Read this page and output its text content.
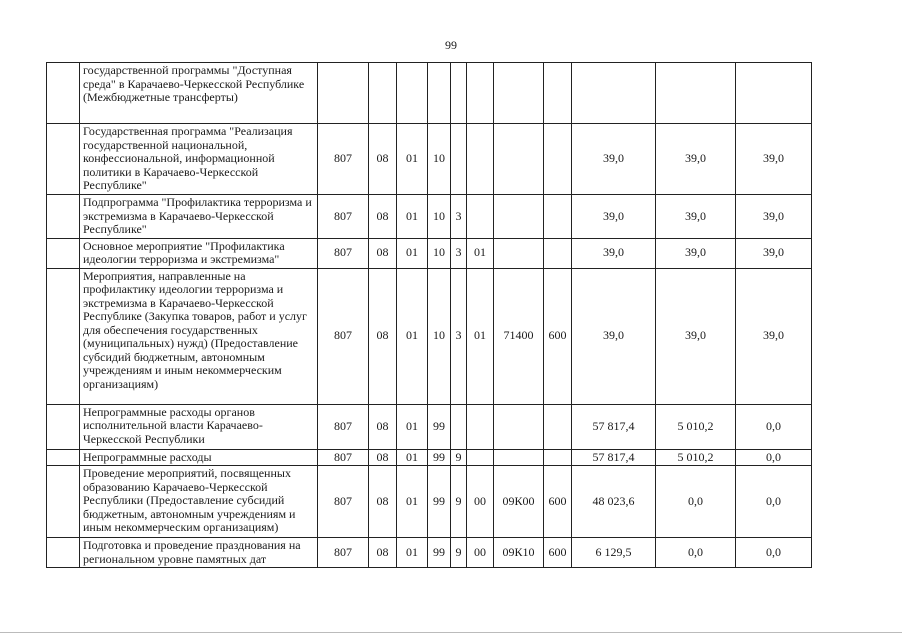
99
	государственной программы "Доступная среда" в Карачаево-Черкесской Республике (Межбюджетные трансферты)											
	Государственная программа "Реализация государственной национальной, конфессиональной, информационной политики в Карачаево-Черкесской Республике"	807	08	01	10					39,0	39,0	39,0
	Подпрограмма "Профилактика терроризма и экстремизма в Карачаево-Черкесской Республике"	807	08	01	10	3				39,0	39,0	39,0
	Основное мероприятие "Профилактика идеологии терроризма и экстремизма"	807	08	01	10	3	01			39,0	39,0	39,0
	Мероприятия, направленные на профилактику идеологии терроризма и экстремизма в Карачаево-Черкесской Республике (Закупка товаров, работ и услуг для обеспечения государственных (муниципальных) нужд) (Предоставление субсидий бюджетным, автономным учреждениям и иным некоммерческим организациям)	807	08	01	10	3	01	71400	600	39,0	39,0	39,0
	Непрограммные расходы органов исполнительной власти Карачаево-Черкесской Республики	807	08	01	99					57 817,4	5 010,2	0,0
	Непрограммные расходы	807	08	01	99	9				57 817,4	5 010,2	0,0
	Проведение мероприятий, посвященных образованию Карачаево-Черкесской Республики (Предоставление субсидий бюджетным, автономным учреждениям и иным некоммерческим организациям)	807	08	01	99	9	00	09К00	600	48 023,6	0,0	0,0
	Подготовка и проведение празднования на региональном уровне памятных дат	807	08	01	99	9	00	09К10	600	6 129,5	0,0	0,0
